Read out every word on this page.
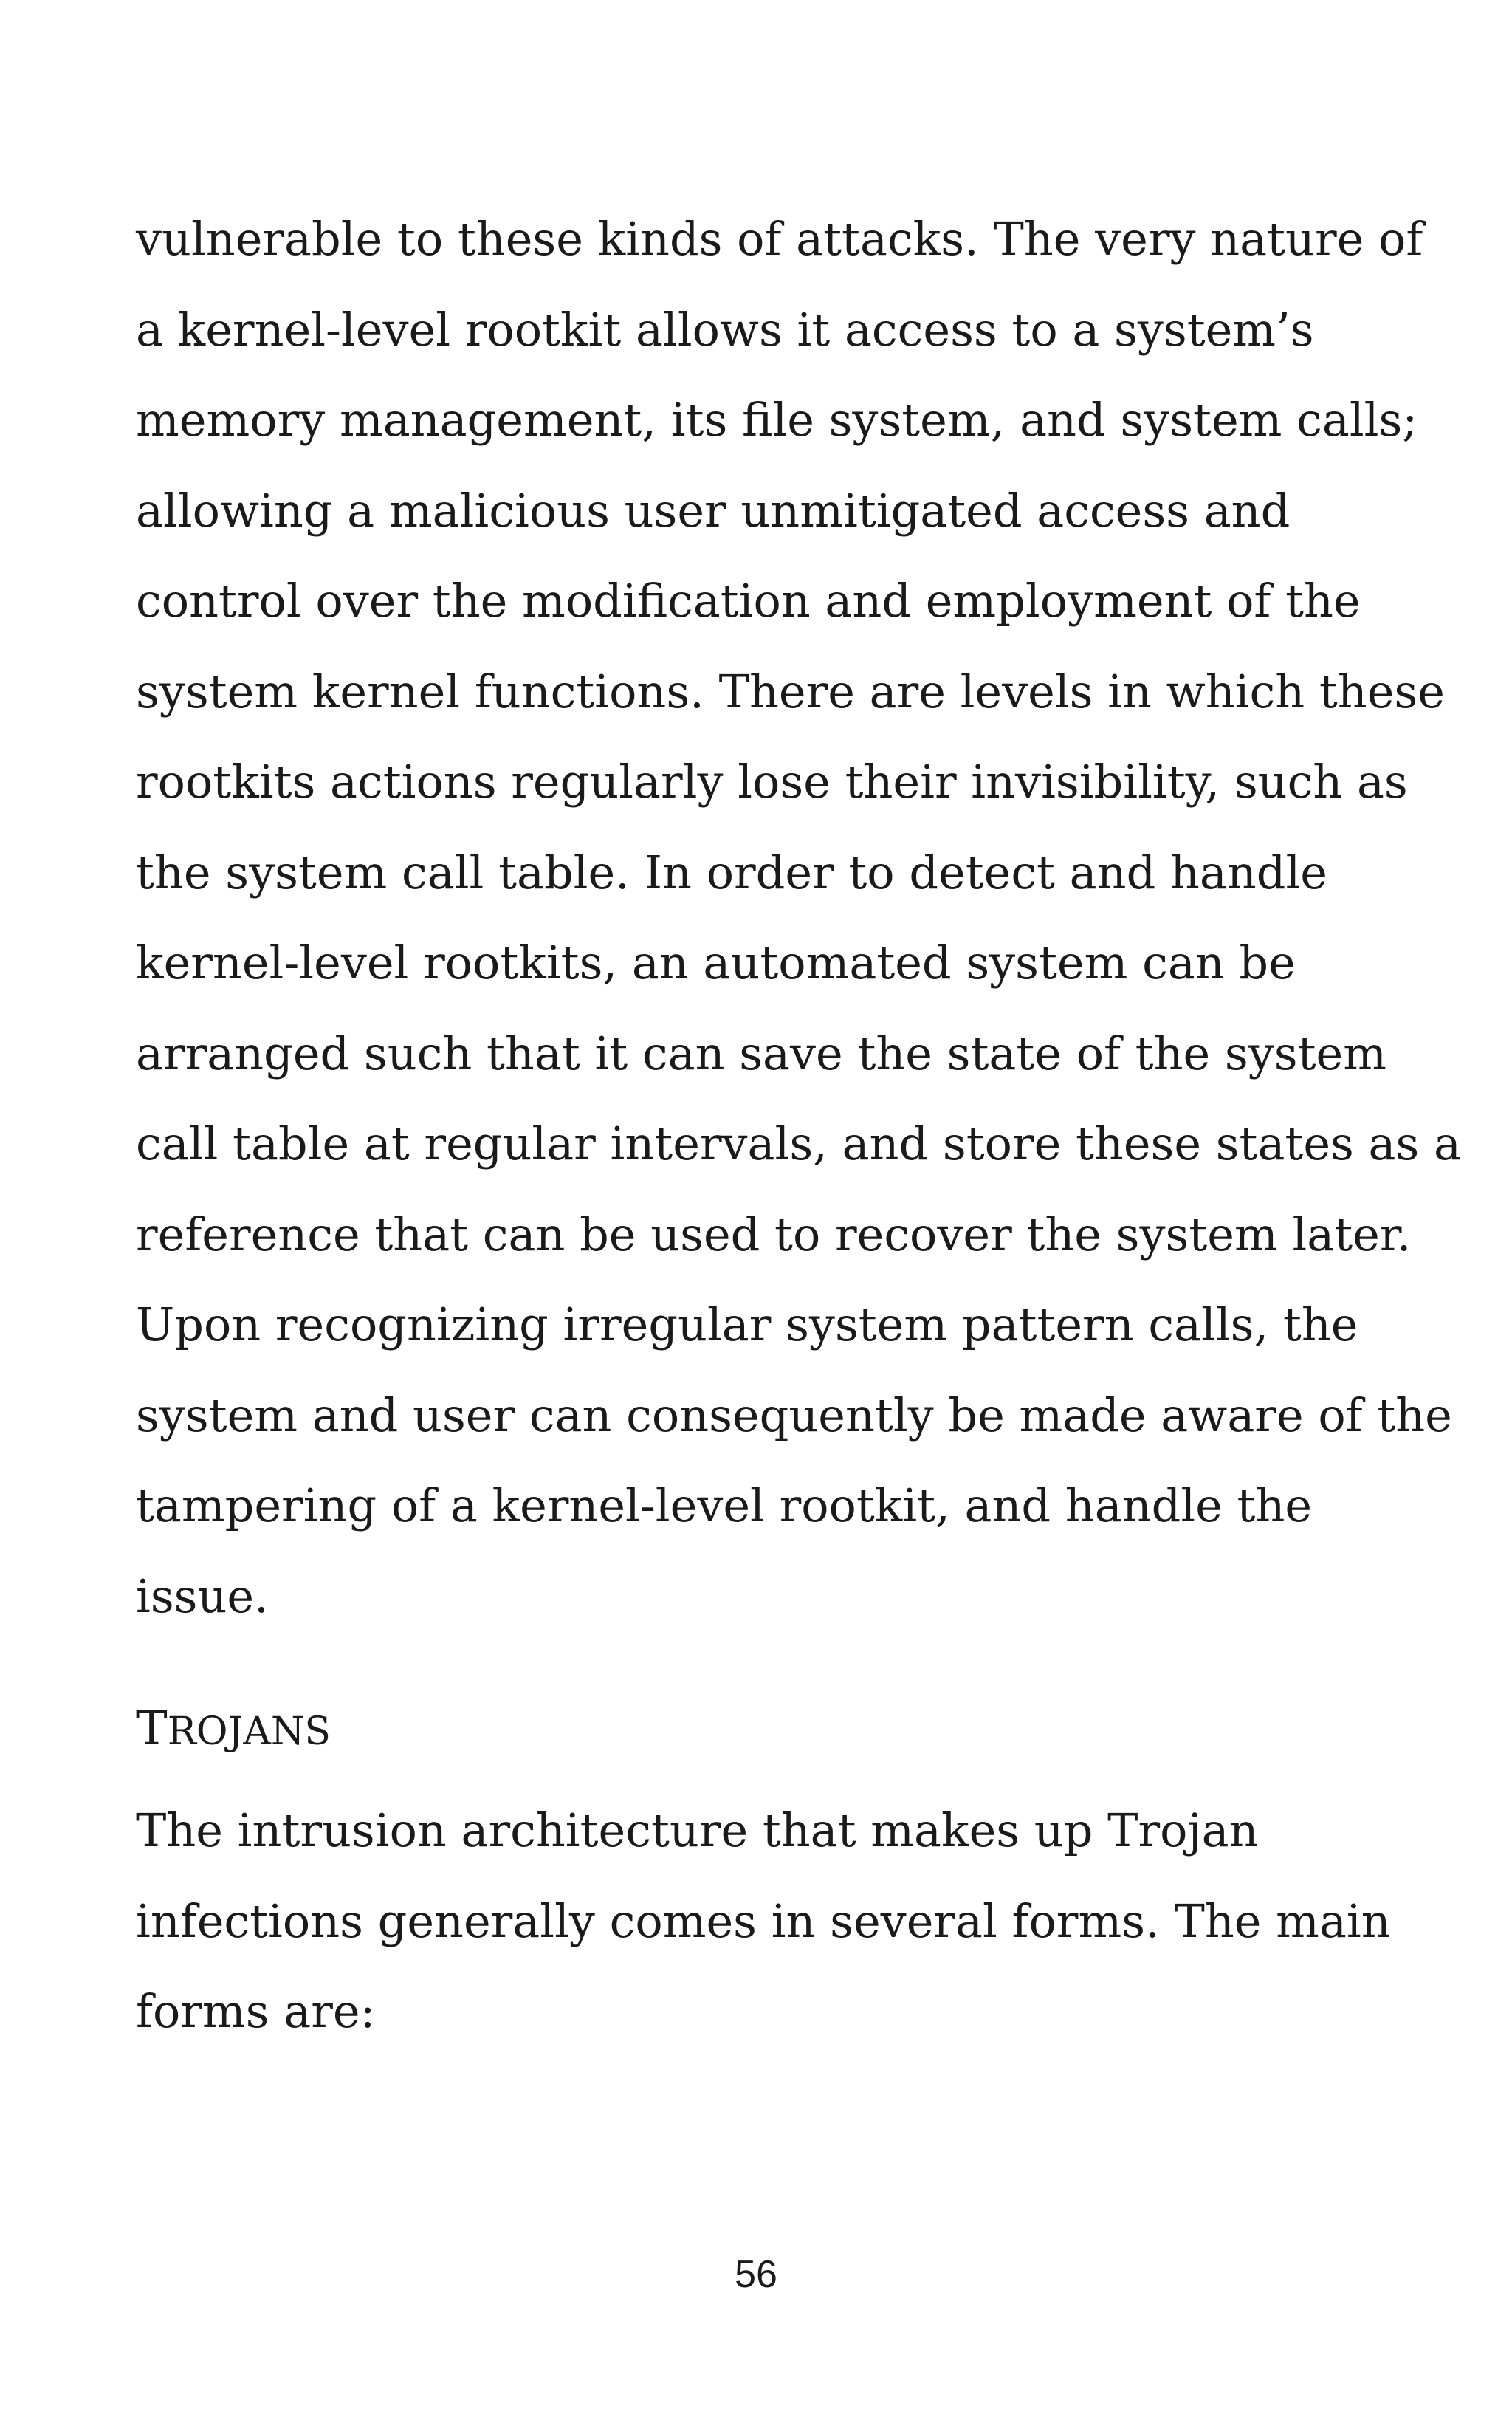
vulnerable to these kinds of attacks. The very nature of
a kernel-level rootkit allows it access to a system’s
memory management, its file system, and system calls;
allowing a malicious user unmitigated access and
control over the modification and employment of the
system kernel functions. There are levels in which these
rootkits actions regularly lose their invisibility, such as
the system call table. In order to detect and handle
kernel-level rootkits, an automated system can be
arranged such that it can save the state of the system
call table at regular intervals, and store these states as a
reference that can be used to recover the system later.
Upon recognizing irregular system pattern calls, the
system and user can consequently be made aware of the
tampering of a kernel-level rootkit, and handle the
issue.

TROJANS

The intrusion architecture that makes up Trojan
infections generally comes in several forms. The main
forms are:

56
